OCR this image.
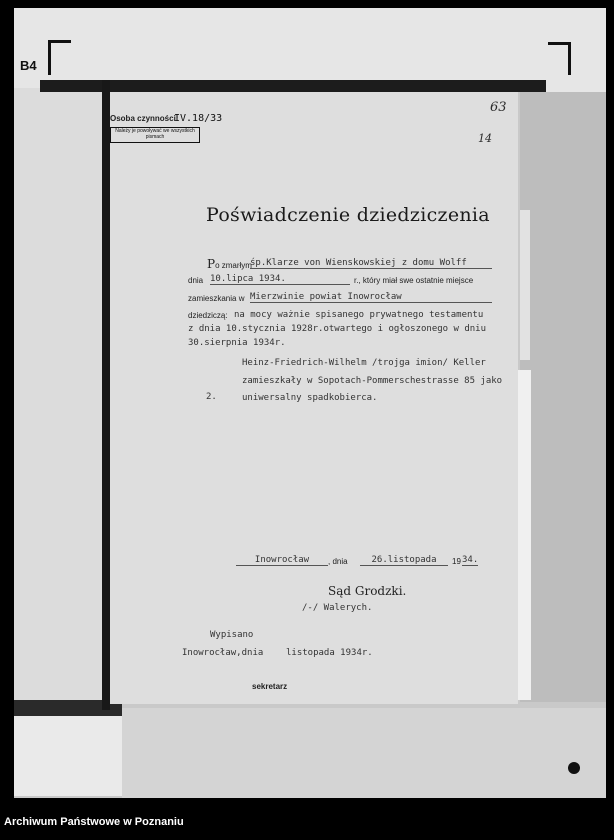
B4
Osoba czynności:
IV.18/33
Należy je powoływać we wszystkich pismach
63
14
Poświadczenie dziedziczenia
Po zmarłym
śp.Klarze von Wienskowskiej z domu Wolff
dnia 10.lipca 1934.	r., który miał swe ostatnie miejsce
zamieszkania w Mierzwinie powiat Inowrocław
dziedziczą: na mocy ważnie spisanego prywatnego testamentu
z dnia 10.stycznia 1928r.otwartego i ogłoszonego w dniu
30.sierpnia 1934r.
Heinz-Friedrich-Wilhelm /trojga imion/ Keller
zamieszkały w Sopotach-Pommerschestrasse 85 jako
2.	uniwersalny spadkobierca.
Inowrocław	, dnia	26.listopada	19 34.
Sąd Grodzki.
/-/ Walerych.
Wypisano
Inowrocław,dnia	listopada 1934r.
sekretarz
Archiwum Państwowe w Poznaniu
